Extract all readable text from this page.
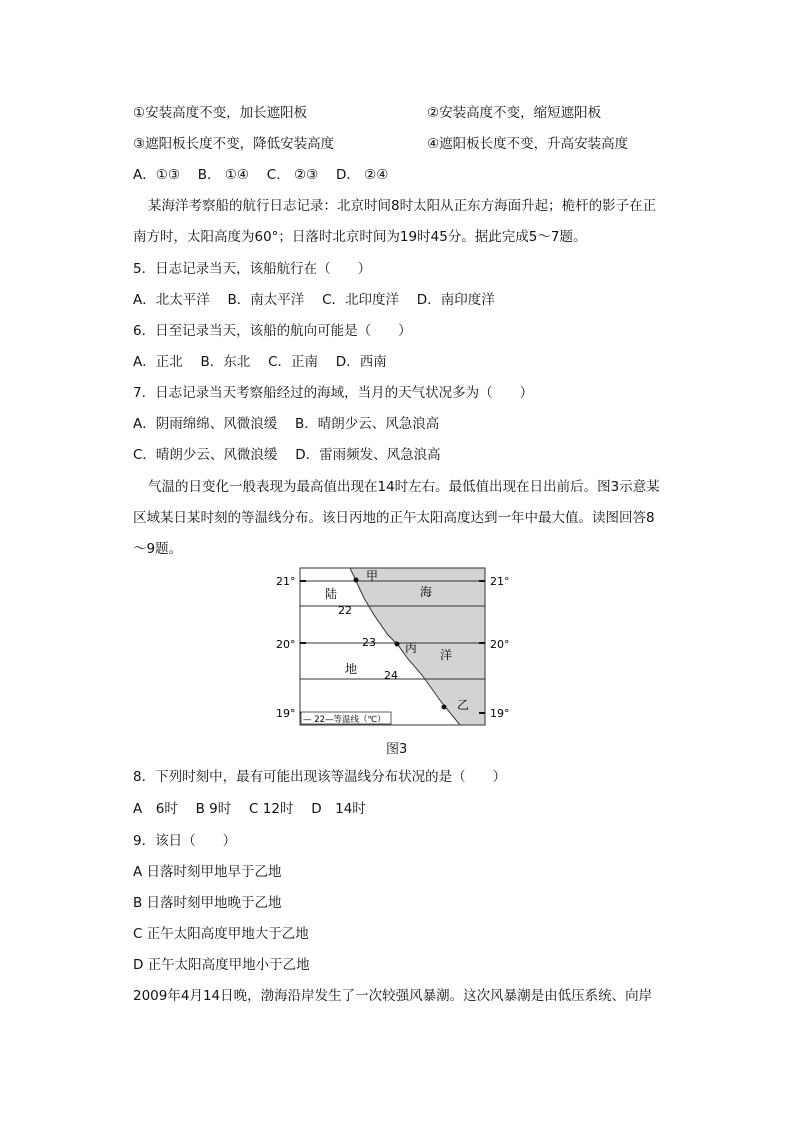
①安装高度不变，加长遮阳板	②安装高度不变，缩短遮阳板
③遮阳板长度不变，降低安装高度	④遮阳板长度不变，升高安装高度
A．①③　 B． ①④　 C． ②③　 D． ②④
某海洋考察船的航行日志记录：北京时间8时太阳从正东方海面升起；桅杆的影子在正南方时，太阳高度为60°；日落时北京时间为19时45分。据此完成5～7题。
5．日志记录当天，该船航行在（　　）
A．北太平洋　 B．南太平洋　 C．北印度洋　 D．南印度洋
6．日至记录当天，该船的航向可能是（　　）
A．正北　 B．东北　 C．正南　 D．西南
7．日志记录当天考察船经过的海域，当月的天气状况多为（　　）
A．阴雨绵绵、风微浪缓　 B．晴朗少云、风急浪高
C．晴朗少云、风微浪缓　 D．雷雨频发、风急浪高
气温的日变化一般表现为最高值出现在14时左右。最低值出现在日出前后。图3示意某区域某日某时刻的等温线分布。该日丙地的正午太阳高度达到一年中最大值。读图回答8～9题。
21°	21°
20°	20°
19°	19°
甲
丙
乙
海
洋
陆
地
22
23
24
— 22—等温线（℃）
图3
8．下列时刻中，最有可能出现该等温线分布状况的是（　　）
A　6时　 B 9时　 C 12时　 D　14时
9．该日（　　）
A 日落时刻甲地早于乙地
B 日落时刻甲地晚于乙地
C 正午太阳高度甲地大于乙地
D 正午太阳高度甲地小于乙地
2009年4月14日晚，渤海沿岸发生了一次较强风暴潮。这次风暴潮是由低压系统、向岸
